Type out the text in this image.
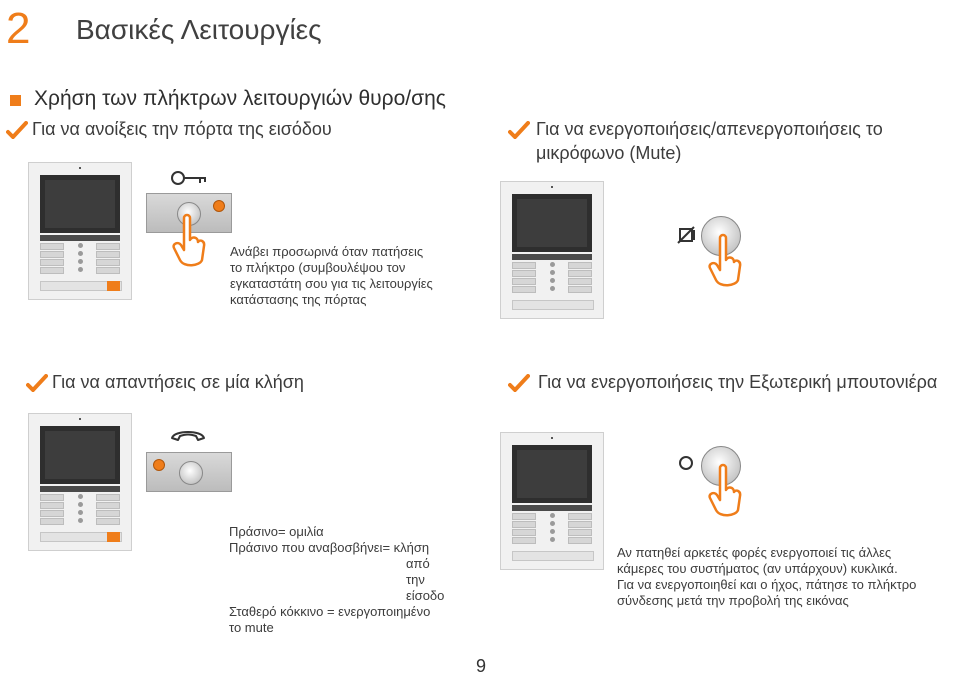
2 Βασικές Λειτουργίες
Χρήση των πλήκτρων λειτουργιών θυρο/σης
Για να ανοίξεις την πόρτα της εισόδου
Ανάβει προσωρινά όταν πατήσεις
το πλήκτρο (συμβουλέψου τον
εγκαταστάτη σου για τις λειτουργίες
κατάστασης της πόρτας
Για να ενεργοποιήσεις/απενεργοποιήσεις το
μικρόφωνο (Mute)
Για να απαντήσεις σε μία κλήση
Πράσινο= ομιλία
Πράσινο που αναβοσβήνει= κλήση
από την
είσοδο
Σταθερό κόκκινο = ενεργοποιημένο
το mute
Για να ενεργοποιήσεις την Εξωτερική μπουτονιέρα
Αν πατηθεί αρκετές φορές ενεργοποιεί τις άλλες
κάμερες του συστήματος (αν υπάρχουν) κυκλικά.
Για να ενεργοποιηθεί και ο ήχος, πάτησε το πλήκτρο
σύνδεσης μετά την προβολή της εικόνας
9
